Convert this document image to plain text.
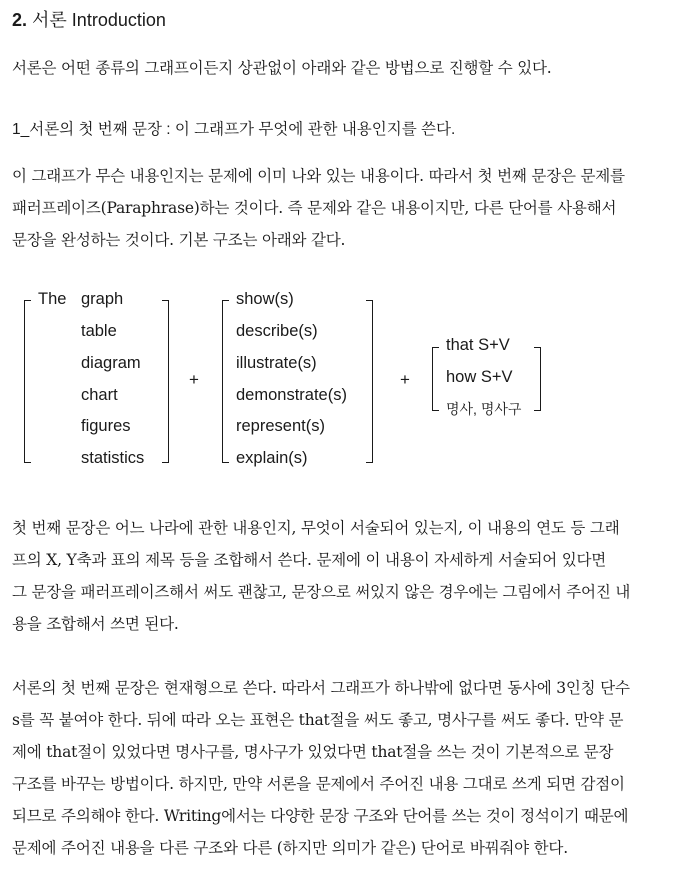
2. 서론 Introduction
서론은 어떤 종류의 그래프이든지 상관없이 아래와 같은 방법으로 진행할 수 있다.
1_서론의 첫 번째 문장 : 이 그래프가 무엇에 관한 내용인지를 쓴다.
이 그래프가 무슨 내용인지는 문제에 이미 나와 있는 내용이다. 따라서 첫 번째 문장은 문제를
패러프레이즈(Paraphrase)하는 것이다. 즉 문제와 같은 내용이지만, 다른 단어를 사용해서
문장을 완성하는 것이다. 기본 구조는 아래와 같다.
The graph
table
diagram
chart
figures
statistics
+
show(s)
describe(s)
illustrate(s)
demonstrate(s)
represent(s)
explain(s)
+
that S+V
how S+V
명사, 명사구
첫 번째 문장은 어느 나라에 관한 내용인지, 무엇이 서술되어 있는지, 이 내용의 연도 등 그래
프의 X, Y축과 표의 제목 등을 조합해서 쓴다. 문제에 이 내용이 자세하게 서술되어 있다면
그 문장을 패러프레이즈해서 써도 괜찮고, 문장으로 써있지 않은 경우에는 그림에서 주어진 내
용을 조합해서 쓰면 된다.
서론의 첫 번째 문장은 현재형으로 쓴다. 따라서 그래프가 하나밖에 없다면 동사에 3인칭 단수
s를 꼭 붙여야 한다. 뒤에 따라 오는 표현은 that절을 써도 좋고, 명사구를 써도 좋다. 만약 문
제에 that절이 있었다면 명사구를, 명사구가 있었다면 that절을 쓰는 것이 기본적으로 문장
구조를 바꾸는 방법이다. 하지만, 만약 서론을 문제에서 주어진 내용 그대로 쓰게 되면 감점이
되므로 주의해야 한다. Writing에서는 다양한 문장 구조와 단어를 쓰는 것이 정석이기 때문에
문제에 주어진 내용을 다른 구조와 다른 (하지만 의미가 같은) 단어로 바꿔줘야 한다.
